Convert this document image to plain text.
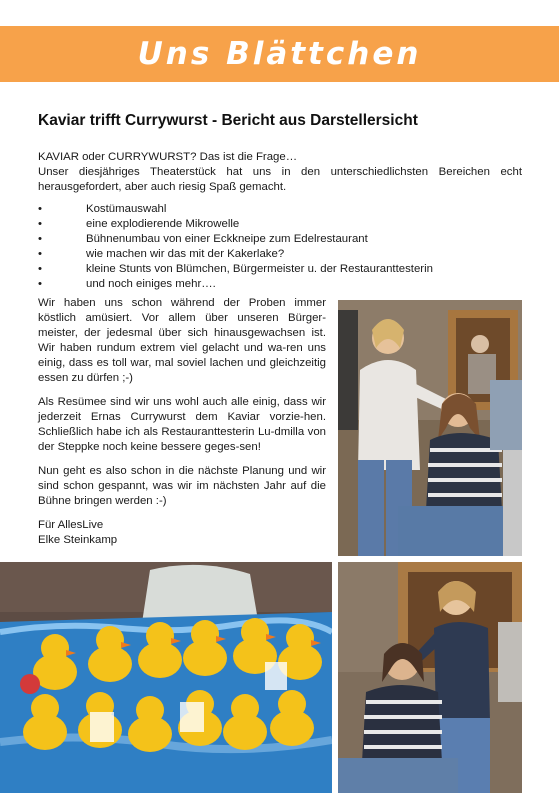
Uns Blättchen
Kaviar trifft Currywurst - Bericht aus Darstellersicht

KAVIAR oder CURRYWURST? Das ist die Frage…

Unser diesjähriges Theaterstück hat uns in den unterschiedlichsten Bereichen echt herausgefordert, aber auch riesig Spaß gemacht.

•	Kostümauswahl
•	eine explodierende Mikrowelle
•	Bühnenumbau von einer Eckkneipe zum Edelrestaurant
•	wie machen wir das mit der Kakerlake?
•	kleine Stunts von Blümchen, Bürgermeister u. der Restauranttesterin
•	und noch einiges mehr….

Wir haben uns schon während der Proben immer köstlich amüsiert. Vor allem über unseren Bürger-meister, der jedesmal über sich hinausgewachsen ist. Wir haben rundum extrem viel gelacht und wa-ren uns einig, dass es toll war, mal soviel lachen und gleichzeitig essen zu dürfen ;-)

Als Resümee sind wir uns wohl auch alle einig, dass wir jederzeit Ernas Currywurst dem Kaviar vorzie-hen. Schließlich habe ich als Restauranttesterin Lu-dmilla von der Steppke noch keine bessere geges-sen!

Nun geht es also schon in die nächste Planung und wir sind schon gespannt, was wir im nächsten Jahr auf die Bühne bringen werden :-)

Für AllesLive

Elke Steinkamp
